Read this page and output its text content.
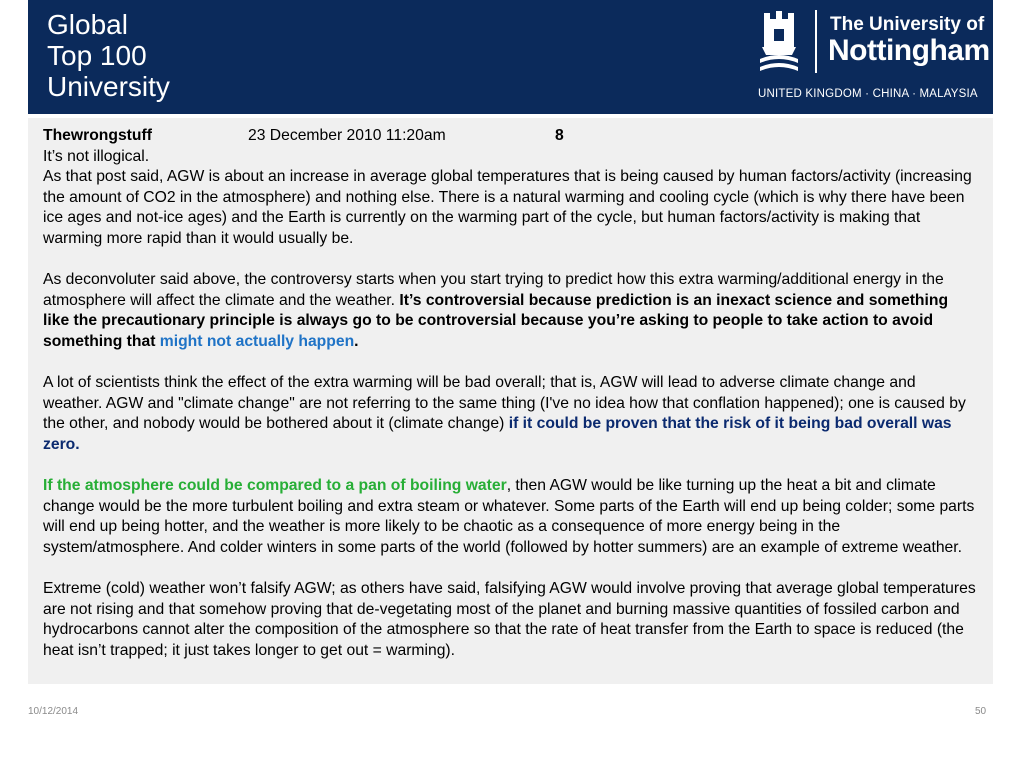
Global
Top 100
University
The University of
Nottingham
UNITED KINGDOM · CHINA · MALAYSIA
Thewrongstuff	23 December 2010 11:20am	8

It’s not illogical.

As that post said, AGW is about an increase in average global temperatures that is being caused by human factors/activity (increasing the amount of CO2 in the atmosphere) and nothing else. There is a natural warming and cooling cycle (which is why there have been ice ages and not-ice ages) and the Earth is currently on the warming part of the cycle, but human factors/activity is making that warming more rapid than it would usually be.

As deconvoluter said above, the controversy starts when you start trying to predict how this extra warming/additional energy in the atmosphere will affect the climate and the weather. It’s controversial because prediction is an inexact science and something like the precautionary principle is always go to be controversial because you’re asking to people to take action to avoid something that might not actually happen.

A lot of scientists think the effect of the extra warming will be bad overall; that is, AGW will lead to adverse climate change and weather. AGW and "climate change" are not referring to the same thing (I've no idea how that conflation happened); one is caused by the other, and nobody would be bothered about it (climate change) if it could be proven that the risk of it being bad overall was zero.

If the atmosphere could be compared to a pan of boiling water, then AGW would be like turning up the heat a bit and climate change would be the more turbulent boiling and extra steam or whatever. Some parts of the Earth will end up being colder; some parts will end up being hotter, and the weather is more likely to be chaotic as a consequence of more energy being in the system/atmosphere. And colder winters in some parts of the world (followed by hotter summers) are an example of extreme weather.

Extreme (cold) weather won’t falsify AGW; as others have said, falsifying AGW would involve proving that average global temperatures are not rising and that somehow proving that de-vegetating most of the planet and burning massive quantities of fossiled carbon and hydrocarbons cannot alter the composition of the atmosphere so that the rate of heat transfer from the Earth to space is reduced (the heat isn’t trapped; it just takes longer to get out = warming).

10/12/2014	50
